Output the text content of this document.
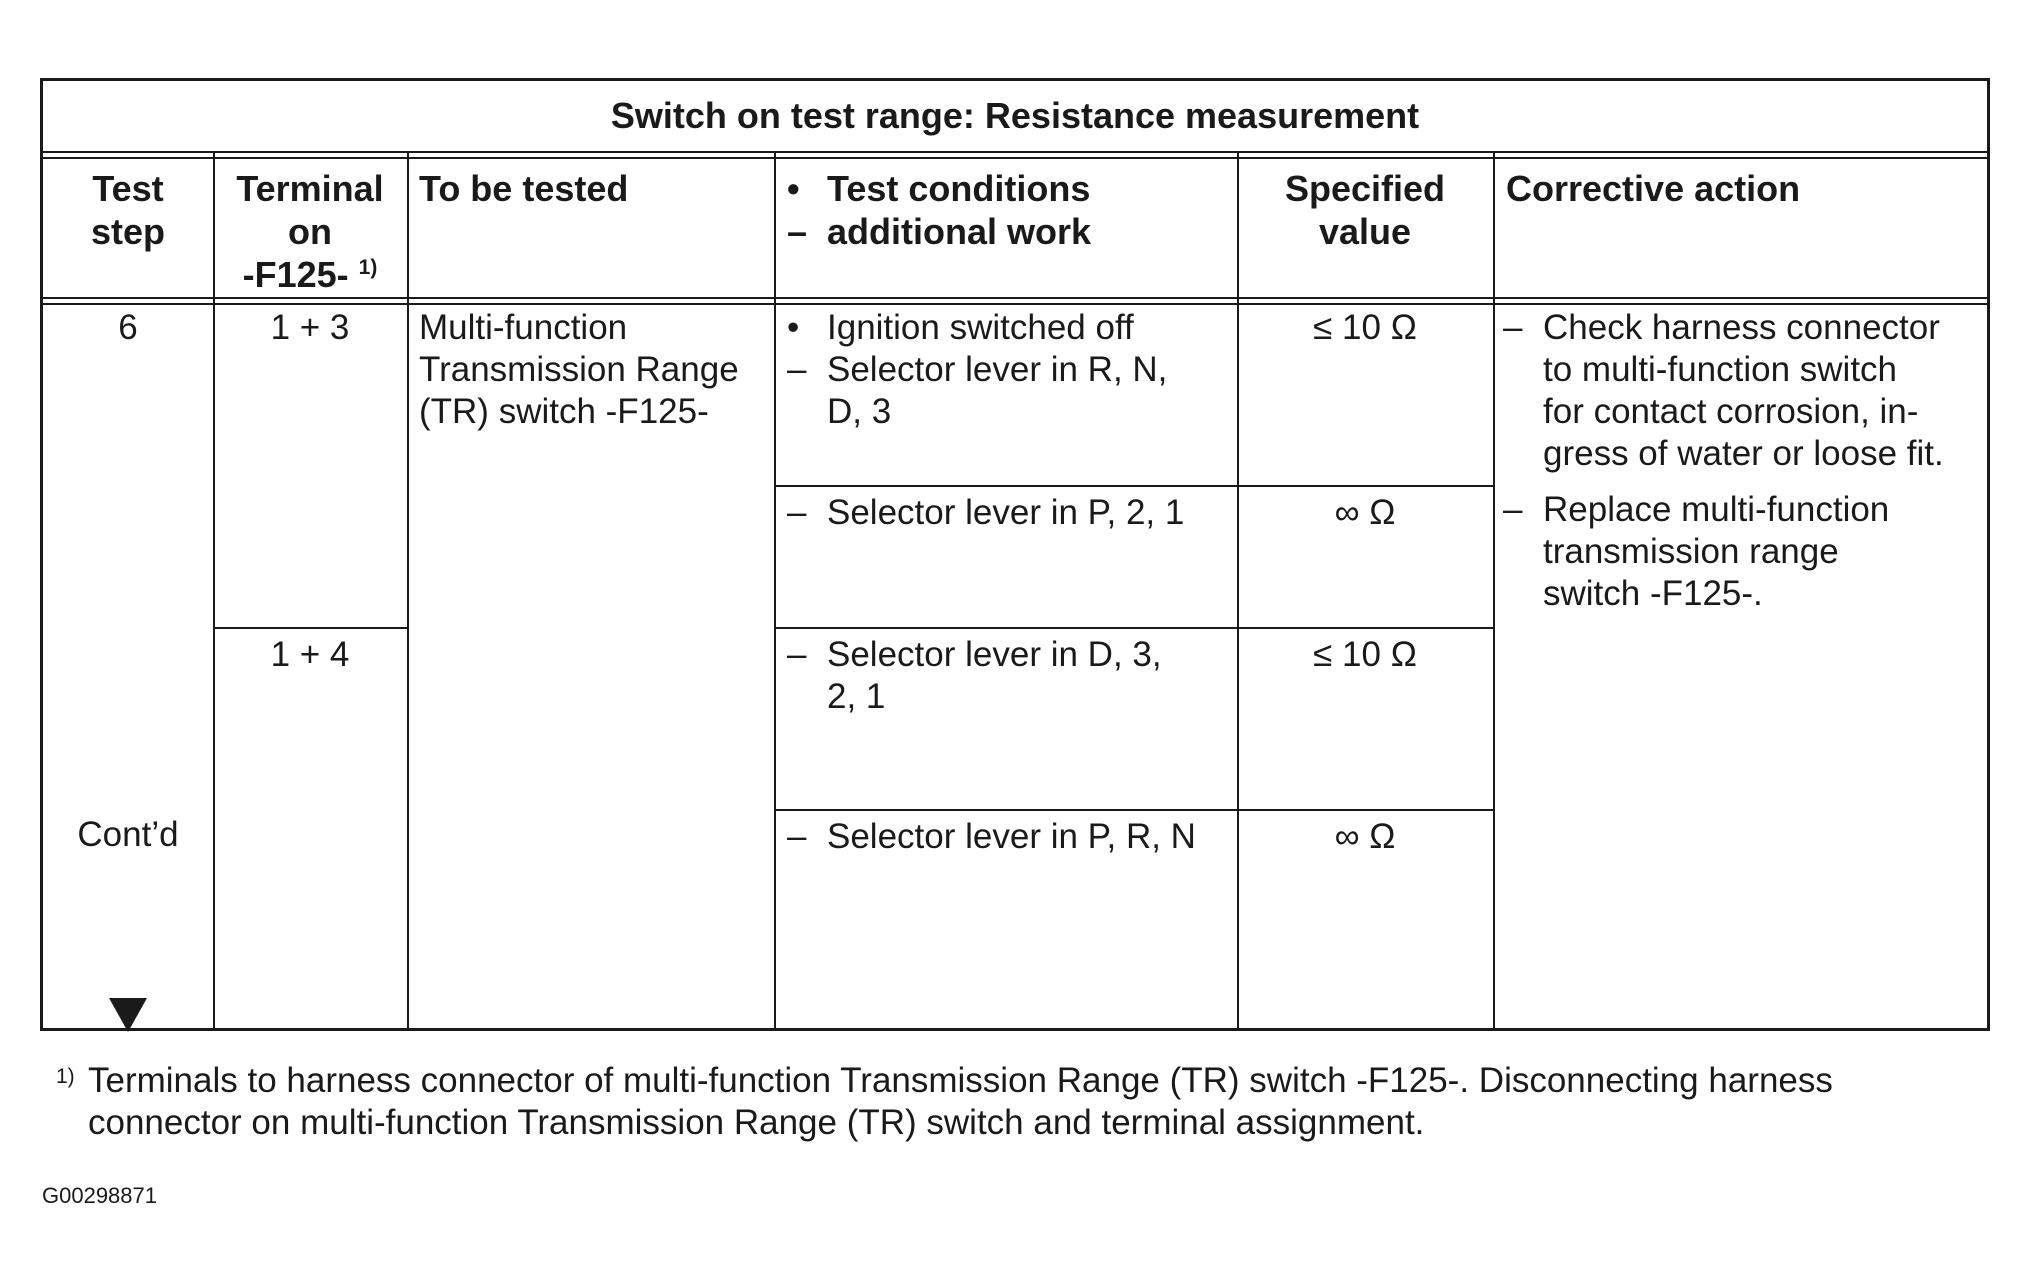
Switch on test range: Resistance measurement
Test
step
Terminal
on
-F125- $^{1)}$
To be tested	• Test conditions
– additional work
Specified
value
Corrective action
6
Cont’d
1 + 3
1 + 4
Multi-function
Transmission Range
(TR) switch -F125-
• Ignition switched off
– Selector lever in R, N,
D, 3
– Selector lever in P, 2, 1
– Selector lever in D, 3,
2, 1
– Selector lever in P, R, N
≤ 10 Ω
∞ Ω
≤ 10 Ω
∞ Ω
– Check harness connector
to multi-function switch
for contact corrosion, in-
gress of water or loose fit.
– Replace multi-function
transmission range
switch -F125-.
1) Terminals to harness connector of multi-function Transmission Range (TR) switch -F125-. Disconnecting harness
connector on multi-function Transmission Range (TR) switch and terminal assignment.
G00298871
